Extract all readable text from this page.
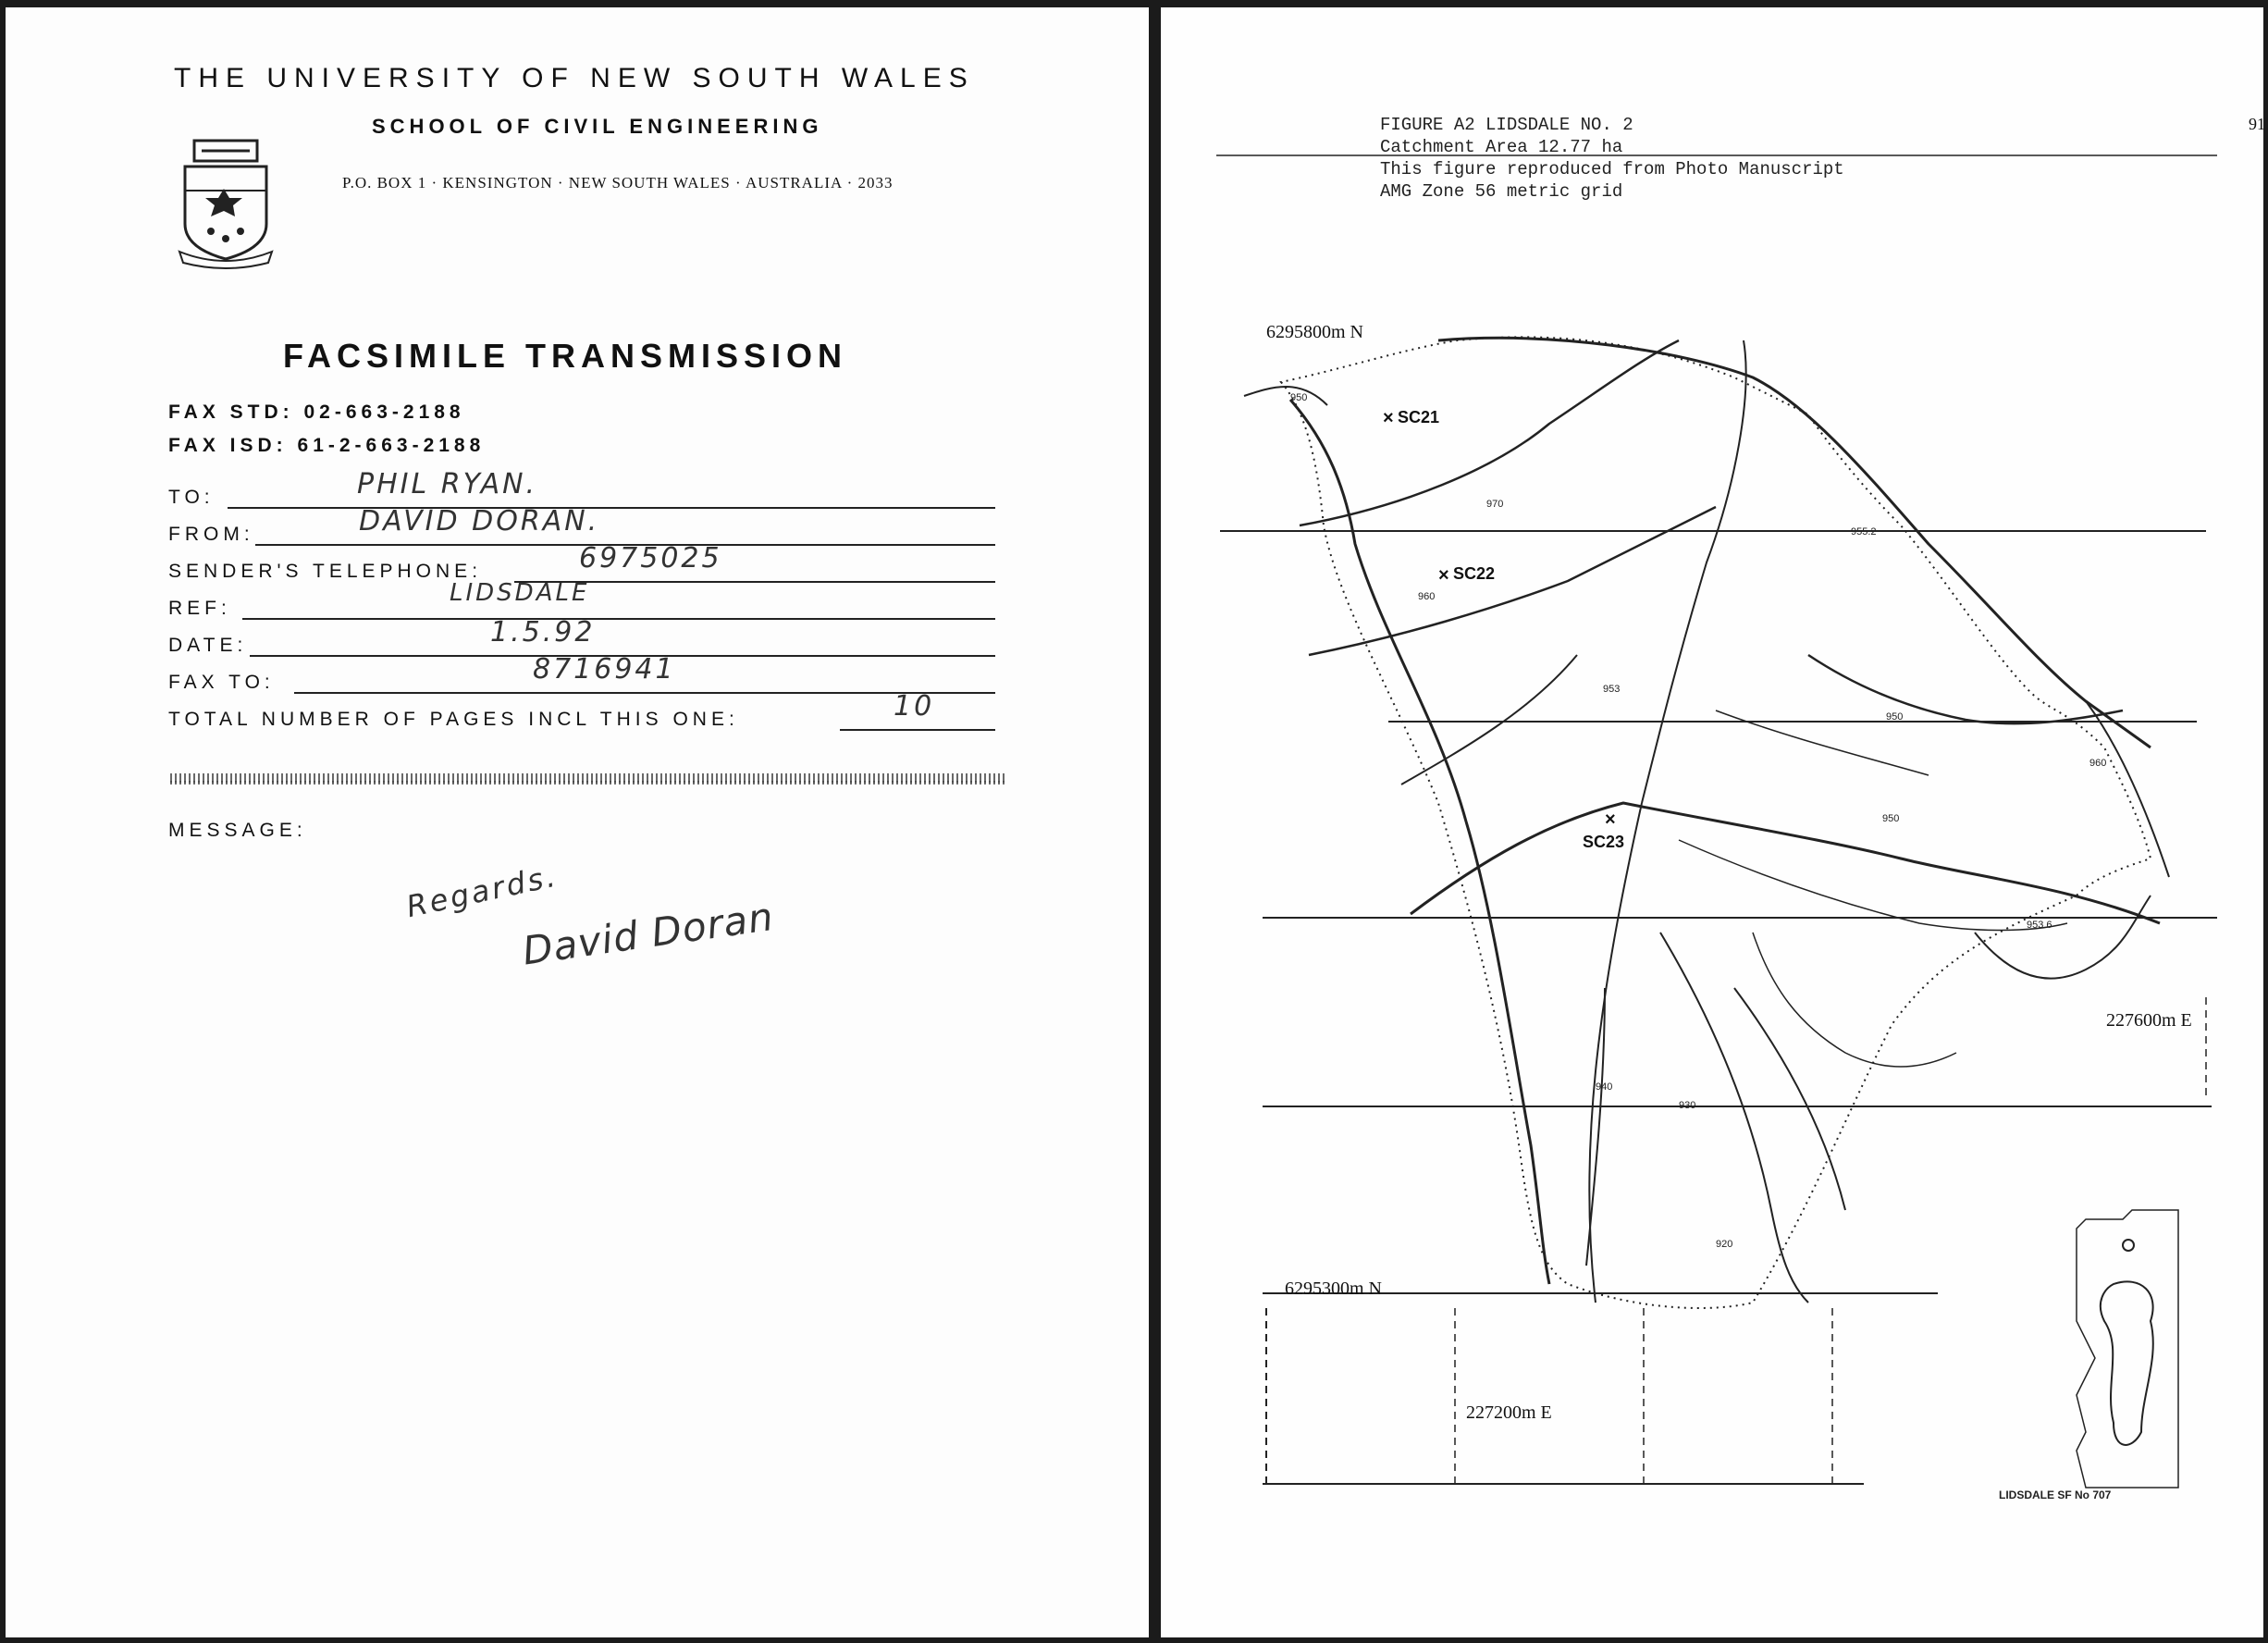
THE UNIVERSITY OF NEW SOUTH WALES
SCHOOL OF CIVIL ENGINEERING
P.O. BOX 1 · KENSINGTON · NEW SOUTH WALES · AUSTRALIA · 2033
FACSIMILE TRANSMISSION
FAX STD: 02-663-2188
FAX ISD: 61-2-663-2188
TO:	PHIL RYAN.
FROM:	DAVID DORAN.
SENDER'S TELEPHONE:	6975025
REF:
LIDSDALE
DATE:	1.5.92
FAX TO:	8716941
TOTAL NUMBER OF PAGES INCL THIS ONE:	10
MESSAGE:
Regards.
David Doran
91
FIGURE A2 LIDSDALE NO. 2
Catchment Area 12.77 ha
This figure reproduced from Photo Manuscript
AMG Zone 56 metric grid
×
×
×
SC21
SC22
SC23
950
970
960
953
950
955.2
953.6
940
930
920
960
950
LIDSDALE SF No 707
6295800m N
6295300m N
227600m E
227200m E
